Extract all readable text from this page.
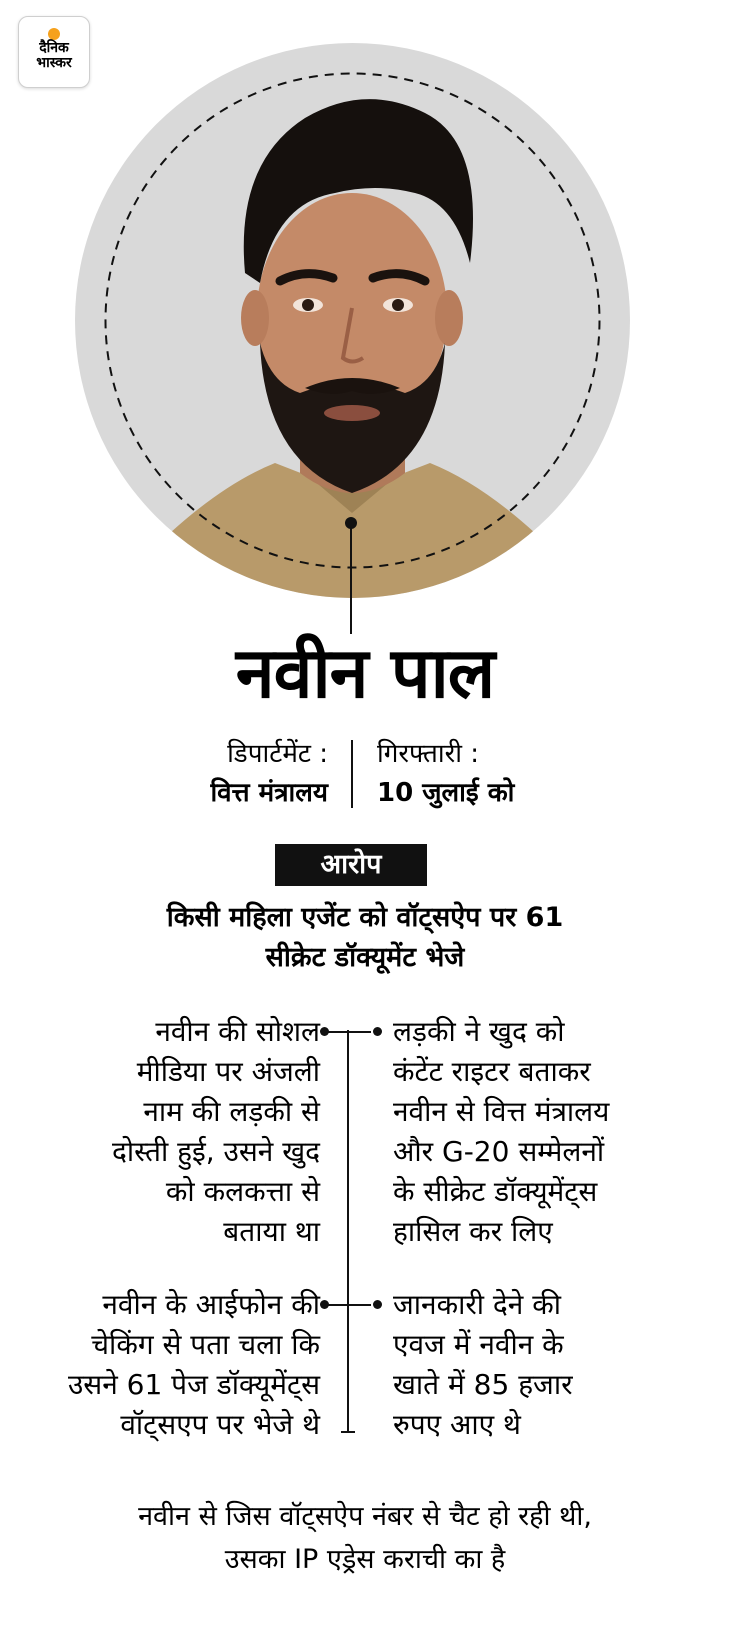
दैनिक
भास्कर
नवीन पाल
डिपार्टमेंट :
वित्त मंत्रालय
गिरफ्तारी :
10 जुलाई को
आरोप
किसी महिला एजेंट को वॉट्सऐप पर 61
सीक्रेट डॉक्यूमेंट भेजे
नवीन की सोशल
मीडिया पर अंजली
नाम की लड़की से
दोस्ती हुई, उसने खुद
को कलकत्ता से
बताया था
लड़की ने खुद को
कंटेंट राइटर बताकर
नवीन से वित्त मंत्रालय
और G-20 सम्मेलनों
के सीक्रेट डॉक्यूमेंट्स
हासिल कर लिए
नवीन के आईफोन की
चेकिंग से पता चला कि
उसने 61 पेज डॉक्यूमेंट्स
वॉट्सएप पर भेजे थे
जानकारी देने की
एवज में नवीन के
खाते में 85 हजार
रुपए आए थे
नवीन से जिस वॉट्सऐप नंबर से चैट हो रही थी,
उसका IP एड्रेस कराची का है
